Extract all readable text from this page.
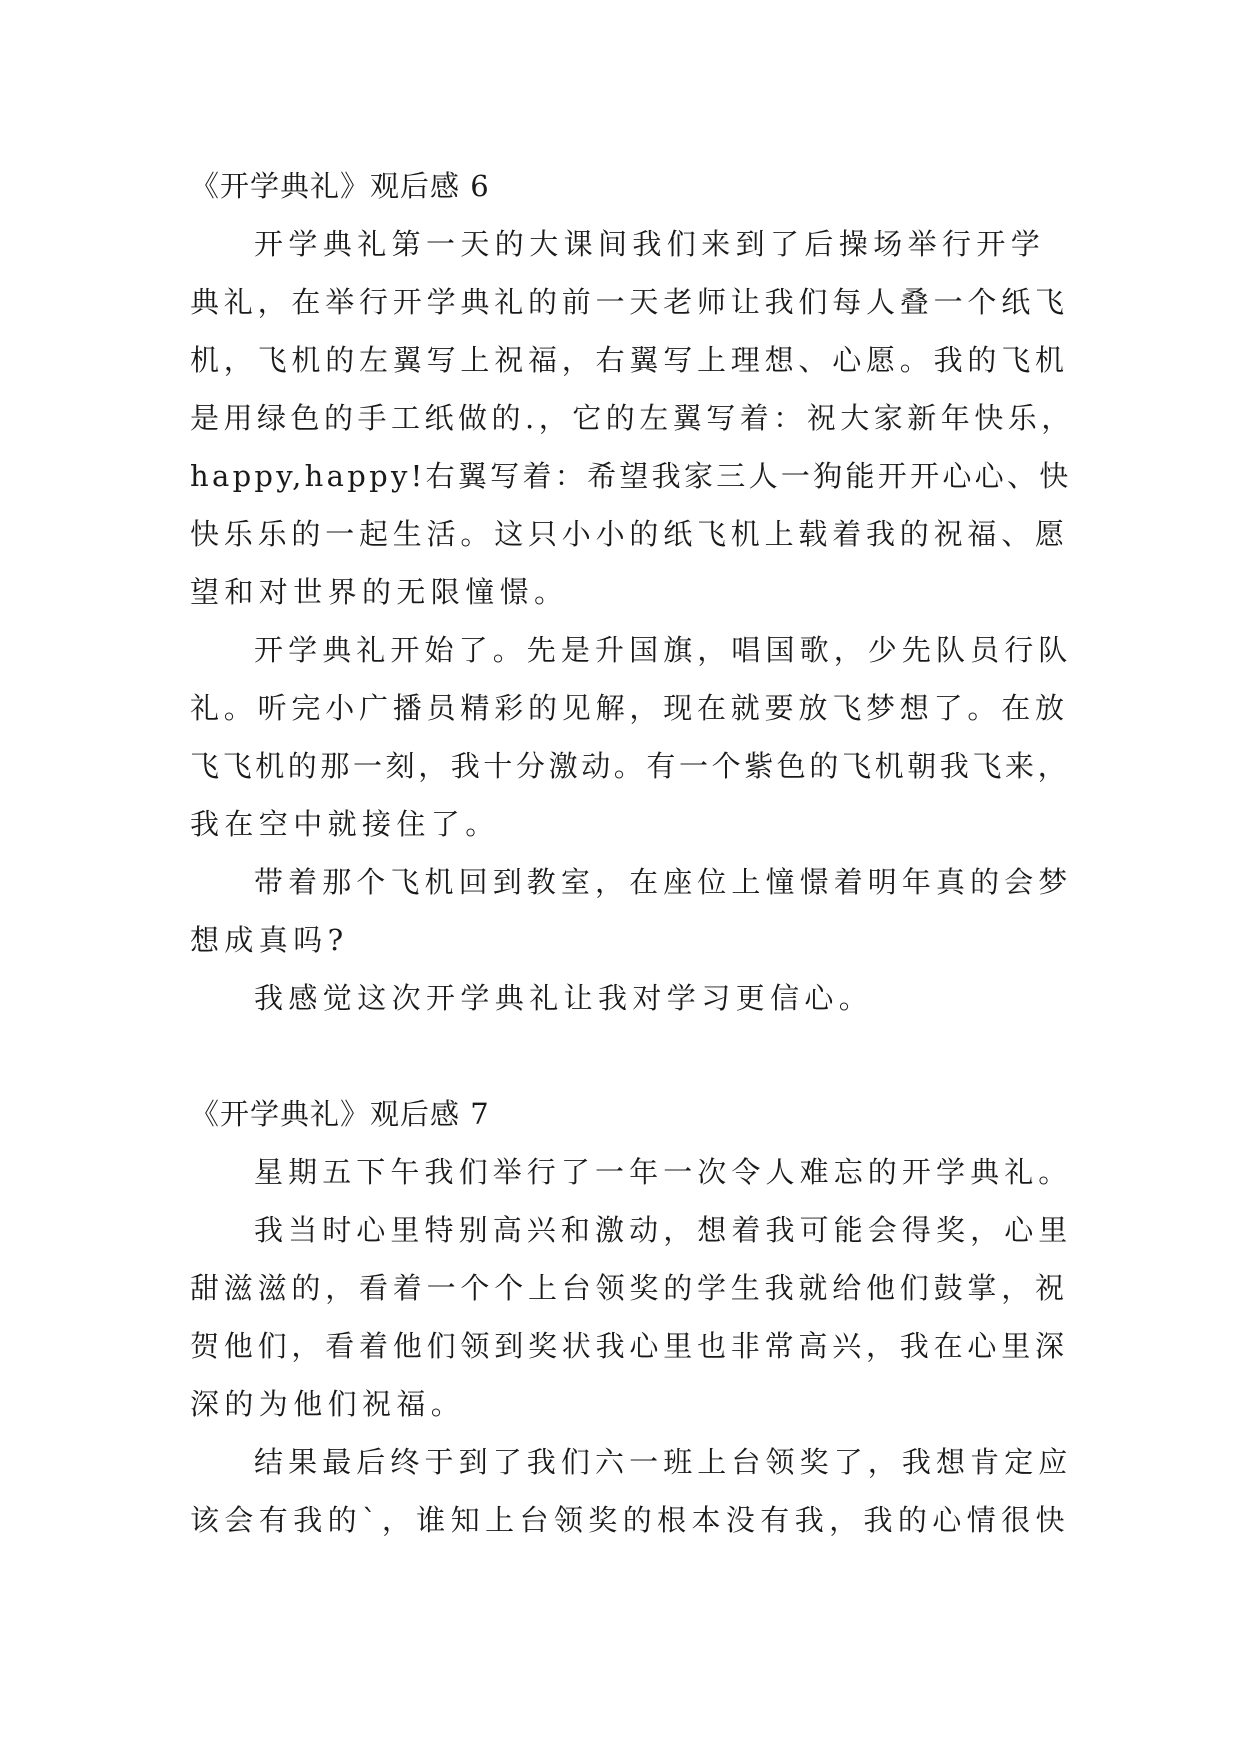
《开学典礼》观后感 6
开学典礼第一天的大课间我们来到了后操场举行开学
典礼，在举行开学典礼的前一天老师让我们每人叠一个纸飞
机，飞机的左翼写上祝福，右翼写上理想、心愿。我的飞机
是用绿色的手工纸做的.，它的左翼写着：祝大家新年快乐，
happy,happy!右翼写着：希望我家三人一狗能开开心心、快
快乐乐的一起生活。这只小小的纸飞机上载着我的祝福、愿
望和对世界的无限憧憬。
开学典礼开始了。先是升国旗，唱国歌，少先队员行队
礼。听完小广播员精彩的见解，现在就要放飞梦想了。在放
飞飞机的那一刻，我十分激动。有一个紫色的飞机朝我飞来，
我在空中就接住了。
带着那个飞机回到教室，在座位上憧憬着明年真的会梦
想成真吗?
我感觉这次开学典礼让我对学习更信心。
《开学典礼》观后感 7
星期五下午我们举行了一年一次令人难忘的开学典礼。
我当时心里特别高兴和激动，想着我可能会得奖，心里
甜滋滋的，看着一个个上台领奖的学生我就给他们鼓掌，祝
贺他们，看着他们领到奖状我心里也非常高兴，我在心里深
深的为他们祝福。
结果最后终于到了我们六一班上台领奖了，我想肯定应
该会有我的`，谁知上台领奖的根本没有我，我的心情很快
